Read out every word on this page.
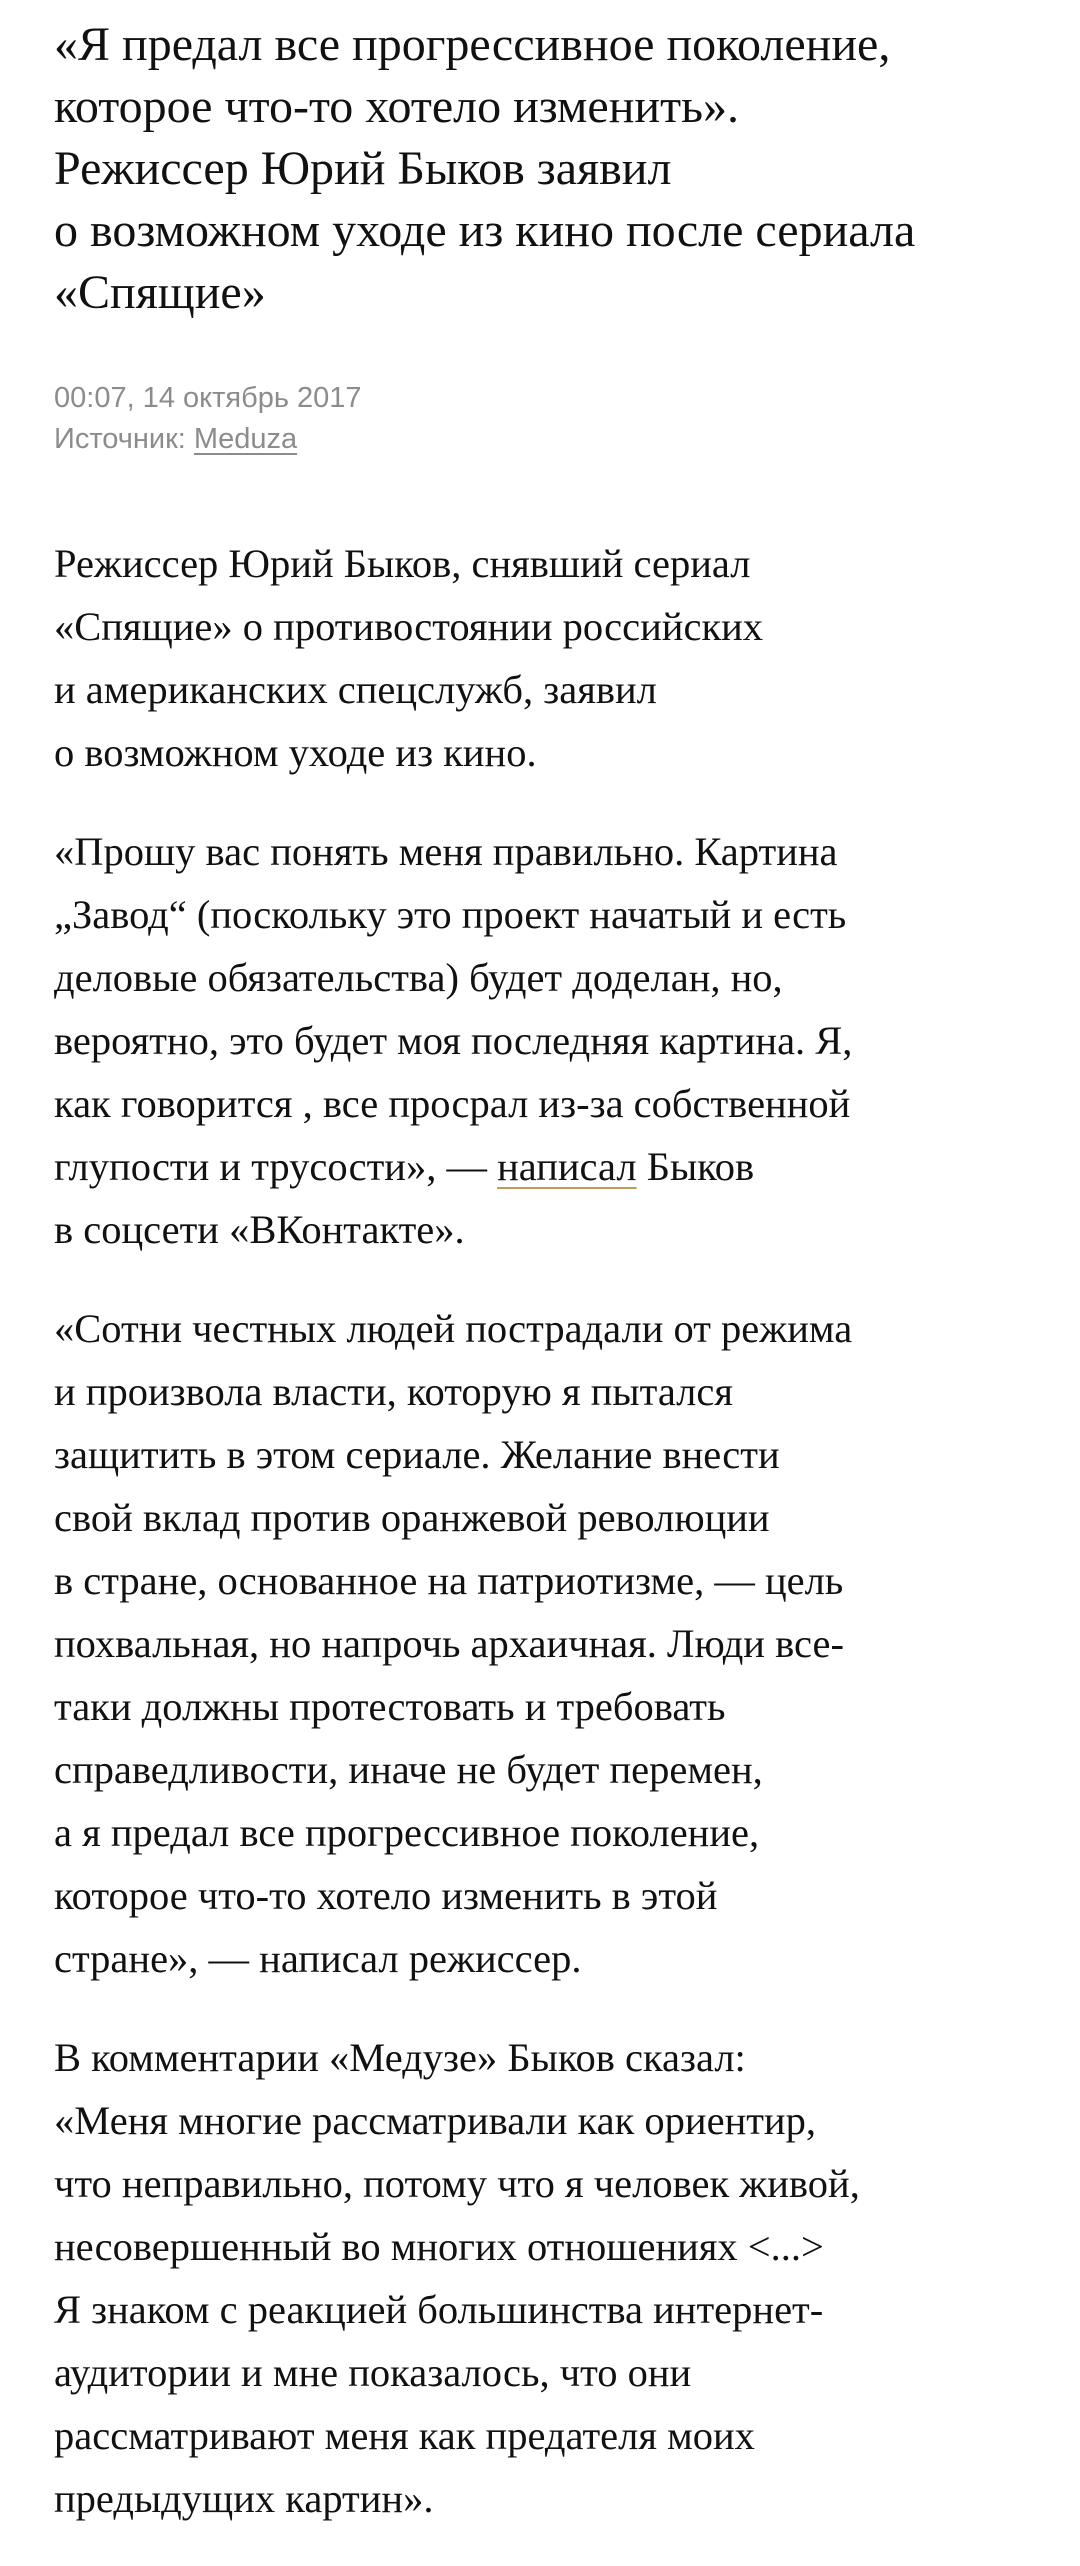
«Я предал все прогрессивное поколение,
которое что-то хотело изменить».
Режиссер Юрий Быков заявил
о возможном уходе из кино после сериала
«Спящие»
00:07, 14 октябрь 2017
Источник: Meduza

Режиссер Юрий Быков, снявший сериал
«Спящие» о противостоянии российских
и американских спецслужб, заявил
о возможном уходе из кино.

«Прошу вас понять меня правильно. Картина
„Завод“ (поскольку это проект начатый и есть
деловые обязательства) будет доделан, но,
вероятно, это будет моя последняя картина. Я,
как говорится , все просрал из-за собственной
глупости и трусости», — написал Быков
в соцсети «ВКонтакте».

«Сотни честных людей пострадали от режима
и произвола власти, которую я пытался
защитить в этом сериале. Желание внести
свой вклад против оранжевой революции
в стране, основанное на патриотизме, — цель
похвальная, но напрочь архаичная. Люди все-
таки должны протестовать и требовать
справедливости, иначе не будет перемен,
а я предал все прогрессивное поколение,
которое что-то хотело изменить в этой
стране», — написал режиссер.

В комментарии «Медузе» Быков сказал:
«Меня многие рассматривали как ориентир,
что неправильно, потому что я человек живой,
несовершенный во многих отношениях <...>
Я знаком с реакцией большинства интернет-
аудитории и мне показалось, что они
рассматривают меня как предателя моих
предыдущих картин».
